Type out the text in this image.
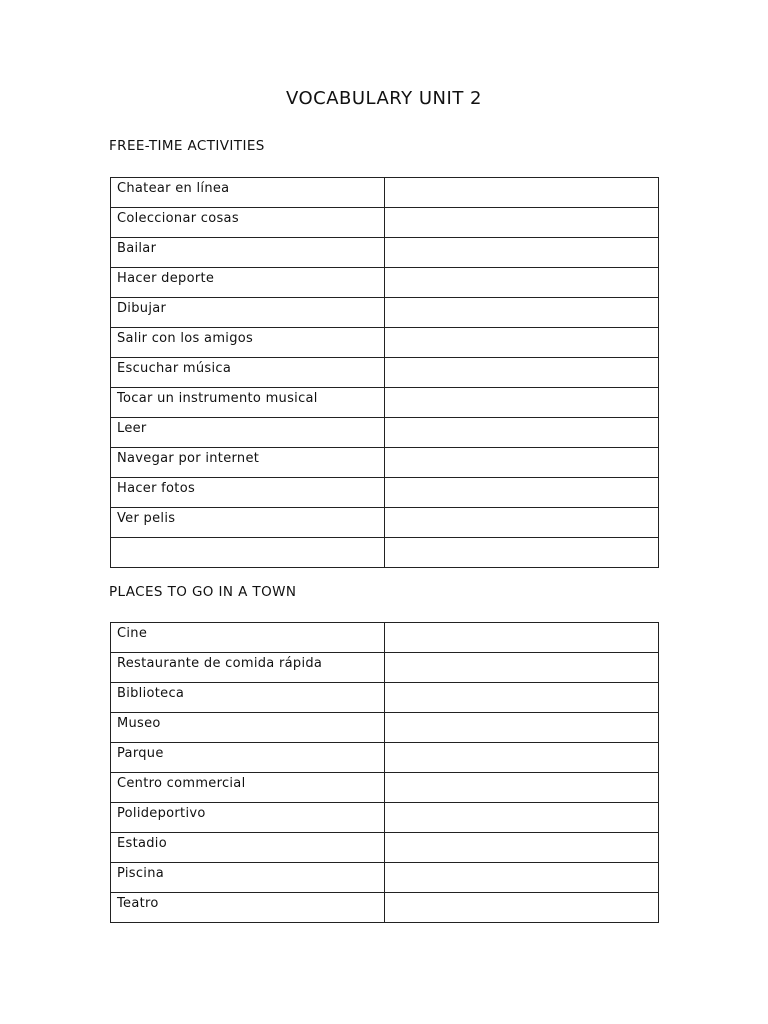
VOCABULARY UNIT 2
FREE-TIME ACTIVITIES
Chatear en línea	
Coleccionar cosas	
Bailar	
Hacer deporte	
Dibujar	
Salir con los amigos	
Escuchar música	
Tocar un instrumento musical	
Leer	
Navegar por internet	
Hacer fotos	
Ver pelis	

PLACES TO GO IN A TOWN
Cine	
Restaurante de comida rápida	
Biblioteca	
Museo	
Parque	
Centro commercial	
Polideportivo	
Estadio	
Piscina	
Teatro	
